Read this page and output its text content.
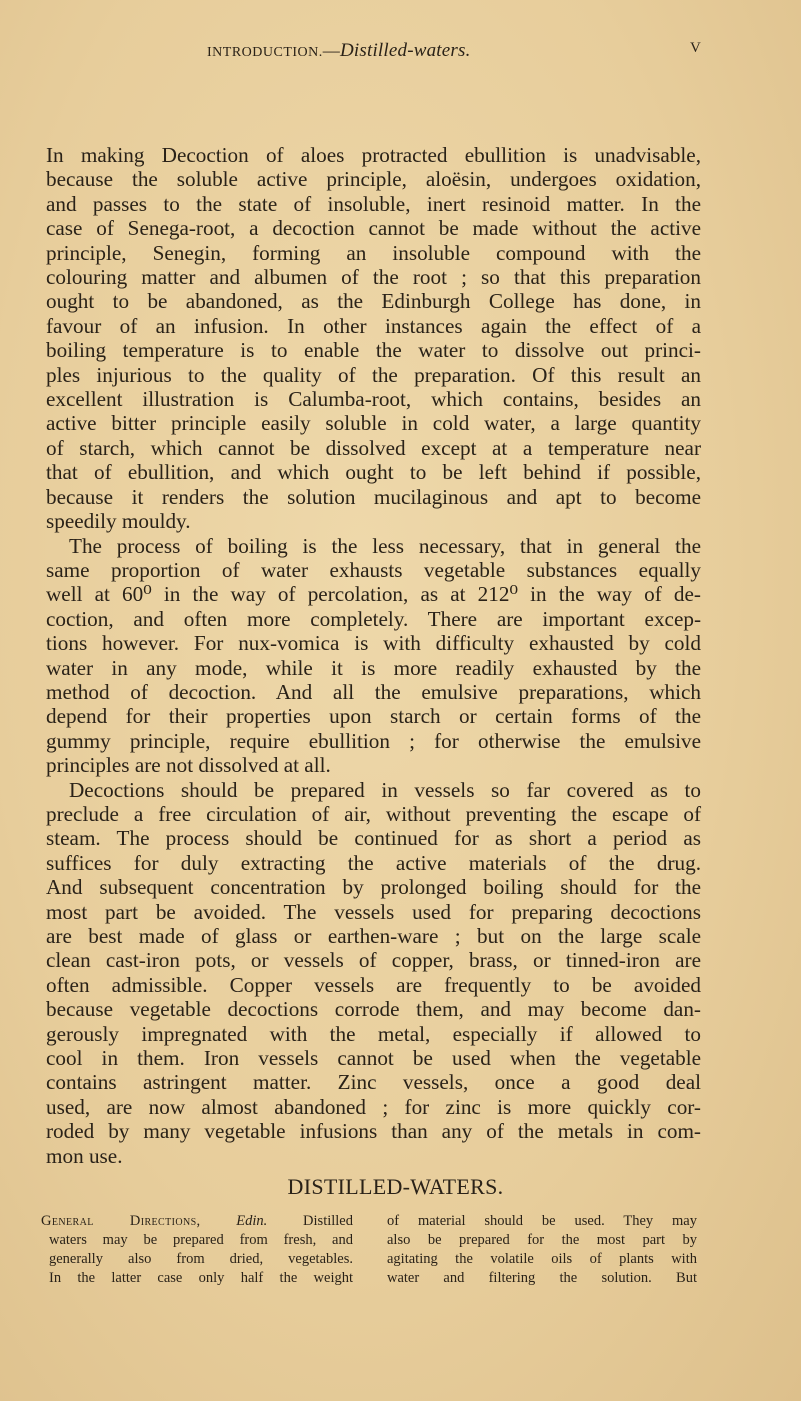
INTRODUCTION.—Distilled-waters.	V

In making Decoction of aloes protracted ebullition is unadvisable,
because the soluble active principle, aloësin, undergoes oxidation,
and passes to the state of insoluble, inert resinoid matter. In the
case of Senega-root, a decoction cannot be made without the active
principle, Senegin, forming an insoluble compound with the
colouring matter and albumen of the root ; so that this preparation
ought to be abandoned, as the Edinburgh College has done, in
favour of an infusion. In other instances again the effect of a
boiling temperature is to enable the water to dissolve out princi-
ples injurious to the quality of the preparation. Of this result an
excellent illustration is Calumba-root, which contains, besides an
active bitter principle easily soluble in cold water, a large quantity
of starch, which cannot be dissolved except at a temperature near
that of ebullition, and which ought to be left behind if possible,
because it renders the solution mucilaginous and apt to become
speedily mouldy.

The process of boiling is the less necessary, that in general the
same proportion of water exhausts vegetable substances equally
well at 60⁰ in the way of percolation, as at 212⁰ in the way of de-
coction, and often more completely. There are important excep-
tions however. For nux-vomica is with difficulty exhausted by cold
water in any mode, while it is more readily exhausted by the
method of decoction. And all the emulsive preparations, which
depend for their properties upon starch or certain forms of the
gummy principle, require ebullition ; for otherwise the emulsive
principles are not dissolved at all.

Decoctions should be prepared in vessels so far covered as to
preclude a free circulation of air, without preventing the escape of
steam. The process should be continued for as short a period as
suffices for duly extracting the active materials of the drug.
And subsequent concentration by prolonged boiling should for the
most part be avoided. The vessels used for preparing decoctions
are best made of glass or earthen-ware ; but on the large scale
clean cast-iron pots, or vessels of copper, brass, or tinned-iron are
often admissible. Copper vessels are frequently to be avoided
because vegetable decoctions corrode them, and may become dan-
gerously impregnated with the metal, especially if allowed to
cool in them. Iron vessels cannot be used when the vegetable
contains astringent matter. Zinc vessels, once a good deal
used, are now almost abandoned ; for zinc is more quickly cor-
roded by many vegetable infusions than any of the metals in com-
mon use.

DISTILLED-WATERS.
General Directions, Edin. Distilled
waters may be prepared from fresh, and
generally also from dried, vegetables.
In the latter case only half the weight
of material should be used. They may
also be prepared for the most part by
agitating the volatile oils of plants with
water and filtering the solution. But
